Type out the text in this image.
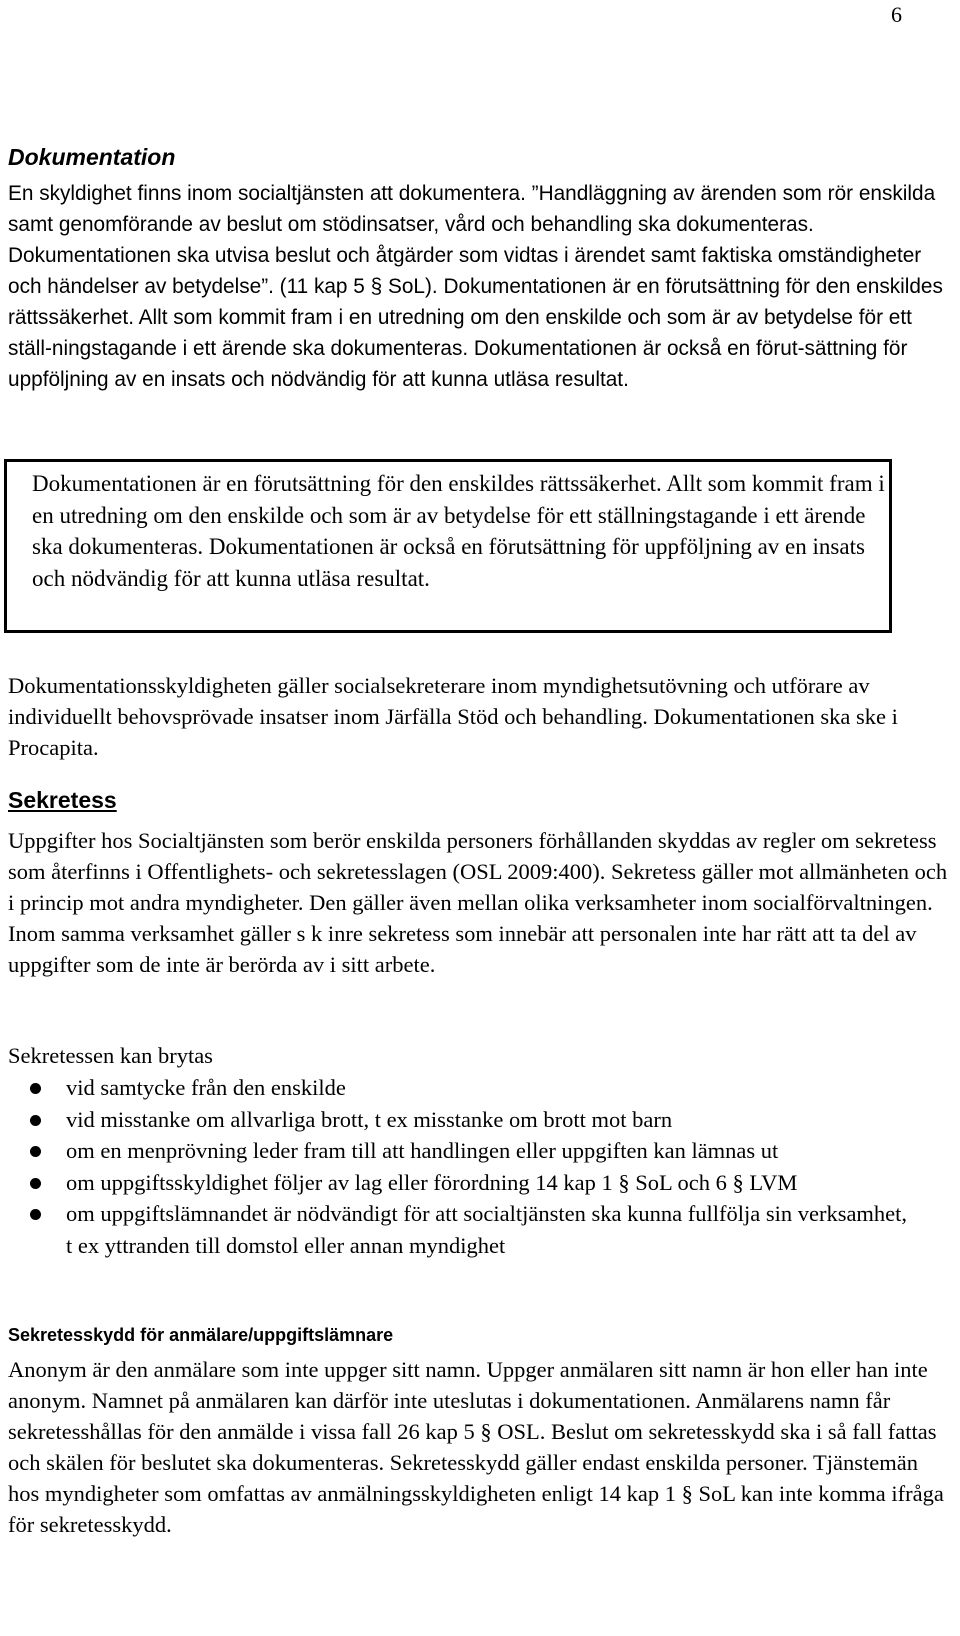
6
Dokumentation

En skyldighet finns inom socialtjänsten att dokumentera. ”Handläggning av ärenden som rör enskilda samt genomförande av beslut om stödinsatser, vård och behandling ska dokumenteras. Dokumentationen ska utvisa beslut och åtgärder som vidtas i ärendet samt faktiska omständigheter och händelser av betydelse”. (11 kap 5 § SoL). Dokumentationen är en förutsättning för den enskildes rättssäkerhet. Allt som kommit fram i en utredning om den enskilde och som är av betydelse för ett ställ-ningstagande i ett ärende ska dokumenteras. Dokumentationen är också en förut-sättning för uppföljning av en insats och nödvändig för att kunna utläsa resultat.

Dokumentationen är en förutsättning för den enskildes rättssäkerhet. Allt som kommit fram i en utredning om den enskilde och som är av betydelse för ett ställningstagande i ett ärende ska dokumenteras. Dokumentationen är också en förutsättning för uppföljning av en insats och nödvändig för att kunna utläsa resultat.

Dokumentationsskyldigheten gäller socialsekreterare inom myndighetsutövning och utförare av individuellt behovsprövade insatser inom Järfälla Stöd och behandling. Dokumentationen ska ske i Procapita.

Sekretess

Uppgifter hos Socialtjänsten som berör enskilda personers förhållanden skyddas av regler om sekretess som återfinns i Offentlighets- och sekretesslagen (OSL 2009:400). Sekretess gäller mot allmänheten och i princip mot andra myndigheter. Den gäller även mellan olika verksamheter inom socialförvaltningen. Inom samma verksamhet gäller s k inre sekretess som innebär att personalen inte har rätt att ta del av uppgifter som de inte är berörda av i sitt arbete.

Sekretessen kan brytas

vid samtycke från den enskilde
vid misstanke om allvarliga brott, t ex misstanke om brott mot barn
om en menprövning leder fram till att handlingen eller uppgiften kan lämnas ut
om uppgiftsskyldighet följer av lag eller förordning 14 kap 1 § SoL och 6 § LVM
om uppgiftslämnandet är nödvändigt för att socialtjänsten ska kunna fullfölja sin verksamhet, t ex yttranden till domstol eller annan myndighet
Sekretesskydd för anmälare/uppgiftslämnare

Anonym är den anmälare som inte uppger sitt namn. Uppger anmälaren sitt namn är hon eller han inte anonym. Namnet på anmälaren kan därför inte uteslutas i dokumentationen. Anmälarens namn får sekretesshållas för den anmälde i vissa fall 26 kap 5 § OSL. Beslut om sekretesskydd ska i så fall fattas och skälen för beslutet ska dokumenteras. Sekretesskydd gäller endast enskilda personer. Tjänstemän hos myndigheter som omfattas av anmälningsskyldigheten enligt 14 kap 1 § SoL kan inte komma ifråga för sekretesskydd.
